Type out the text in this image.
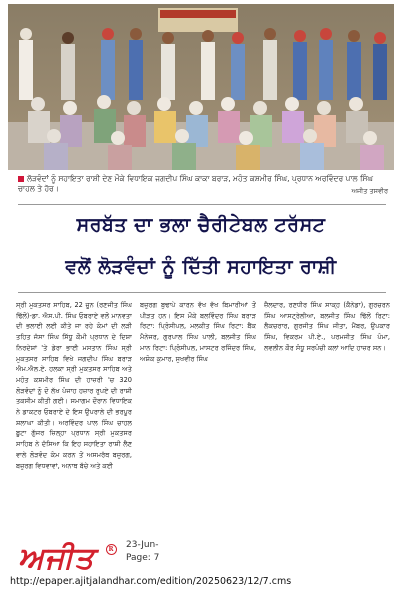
ਲੋੜਵੰਦਾਂ ਨੂੰ ਸਹਾਇਤਾ ਰਾਸ਼ੀ ਦੇਣ ਮੌਕੇ ਵਿਧਾਇਕ ਜਗਦੀਪ ਸਿੰਘ ਕਾਕਾ ਬਰਾੜ, ਮਹੰਤ ਕਸ਼ਮੀਰ ਸਿੰਘ, ਪ੍ਰਧਾਨ ਅਰਵਿੰਦਰ ਪਾਲ ਸਿੰਘ ਚਾਹਲ ਤੇ ਹੋਰ।	ਅਜੀਤ ਤਸਵੀਰ
ਸਰਬੱਤ ਦਾ ਭਲਾ ਚੈਰੀਟੇਬਲ ਟਰੱਸਟ
ਵਲੋਂ ਲੋੜਵੰਦਾਂ ਨੂੰ ਦਿੱਤੀ ਸਹਾਇਤਾ ਰਾਸ਼ੀ
ਸ੍ਰੀ ਮੁਕਤਸਰ ਸਾਹਿਬ, 22 ਜੂਨ (ਰਣਜੀਤ ਸਿੰਘ ਢਿੱਲੋਂ)-ਡਾ. ਐਸ.ਪੀ. ਸਿੰਘ ਓਬਰਾਏ ਵਲੋਂ ਮਾਨਵਤਾ ਦੀ ਭਲਾਈ ਲਈ ਕੀਤੇ ਜਾ ਰਹੇ ਕੰਮਾਂ ਦੀ ਲੜੀ ਤਹਿਤ ਜੱਸਾ ਸਿੰਘ ਸਿੱਧੂ ਕੌਮੀ ਪ੍ਰਧਾਨ ਦੇ ਦਿਸ਼ਾ ਨਿਰਦੇਸ਼ਾਂ 'ਤੇ ਡੇਰਾ ਭਾਈ ਮਸਤਾਨ ਸਿੰਘ ਸ੍ਰੀ ਮੁਕਤਸਰ ਸਾਹਿਬ ਵਿਖੇ ਜਗਦੀਪ ਸਿੰਘ ਬਰਾੜ ਐਮ.ਐਲ.ਏ. ਹਲਕਾ ਸ੍ਰੀ ਮੁਕਤਸਰ ਸਾਹਿਬ ਅਤੇ ਮਹੰਤ ਕਸ਼ਮੀਰ ਸਿੰਘ ਦੀ ਹਾਜ਼ਰੀ 'ਚ 320 ਲੋੜਵੰਦਾਂ ਨੂੰ ਦੋ ਲੱਖ ਪੰਜਾਹ ਹਜ਼ਾਰ ਰੁਪਏ ਦੀ ਰਾਸ਼ੀ ਤਕਸੀਮ ਕੀਤੀ ਗਈ। ਸਮਾਗਮ ਦੌਰਾਨ ਵਿਧਾਇਕ ਨੇ ਡਾਕਟਰ ਓਬਰਾਏ ਦੇ ਇਸ ਉਪਰਾਲੇ ਦੀ ਭਰਪੂਰ ਸ਼ਲਾਘਾ ਕੀਤੀ। ਅਰਵਿੰਦਰ ਪਾਲ ਸਿੰਘ ਚਾਹਲ ਬੂਟਾ ਗੁੱਜਰ ਜ਼ਿਲ੍ਹਾ ਪ੍ਰਧਾਨ ਸ੍ਰੀ ਮੁਕਤਸਰ ਸਾਹਿਬ ਨੇ ਦੱਸਿਆ ਕਿ ਇਹ ਸਹਾਇਤਾ ਰਾਸ਼ੀ ਲੈਣ ਵਾਲੇ ਲੋੜਵੰਦ ਕੰਮ ਕਰਨ ਤੋਂ ਅਸਮਰੱਥ ਬਜ਼ੁਰਗ, ਬਜ਼ੁਰਗ ਵਿਧਵਾਵਾਂ, ਅਨਾਥ ਬੱਚੇ ਅਤੇ ਕਈ
ਬਜ਼ੁਰਗ ਬੁਢਾਪੇ ਕਾਰਨ ਵੱਖ ਵੱਖ ਬਿਮਾਰੀਆਂ ਤੋਂ ਪੀੜਤ ਹਨ। ਇਸ ਮੌਕੇ ਬਲਵਿੰਦਰ ਸਿੰਘ ਬਰਾੜ ਰਿਟਾ: ਪ੍ਰਿੰਸੀਪਲ, ਮਲਕੀਤ ਸਿੰਘ ਰਿਟਾ: ਬੈਂਕ ਮੈਨੇਜਰ, ਗੁਰਪਾਲ ਸਿੰਘ ਪਾਲੀ, ਬਲਜੀਤ ਸਿੰਘ ਮਾਨ ਰਿਟਾ: ਪ੍ਰਿੰਸੀਪਲ, ਮਾਸਟਰ ਰਜਿੰਦਰ ਸਿੰਘ, ਅਸ਼ੋਕ ਕੁਮਾਰ, ਸੁਖਵੀਰ ਸਿੰਘ
ਜ਼ੈਲਦਾਰ, ਰਣਧੀਰ ਸਿੰਘ ਸਾਕ੍ਹ (ਕੈਨੇਡਾ), ਗੁਰਚਰਨ ਸਿੰਘ ਆਸਟ੍ਰੇਲੀਆ, ਬਲਜੀਤ ਸਿੰਘ ਢਿੱਲੋਂ ਰਿਟਾ: ਲੈਕਚਰਾਰ, ਗੁਰਜੀਤ ਸਿੰਘ ਜੀਤਾ, ਮੈਂਬਰ, ਉਪਕਾਰ ਸਿੰਘ, ਵਿਕਰਮ ਪੀ.ਏ., ਪਰਮਜੀਤ ਸਿੰਘ ਪੰਮਾ, ਲਵਲੀਨ ਕੌਰ ਸੰਧੂ ਸਰਪੰਚੀ ਕਲਾਂ ਆਦਿ ਹਾਜ਼ਰ ਸਨ।
ਅਜੀਤ	R 23-Jun-
Page: 7
http://epaper.ajitjalandhar.com/edition/20250623/12/7.cms
